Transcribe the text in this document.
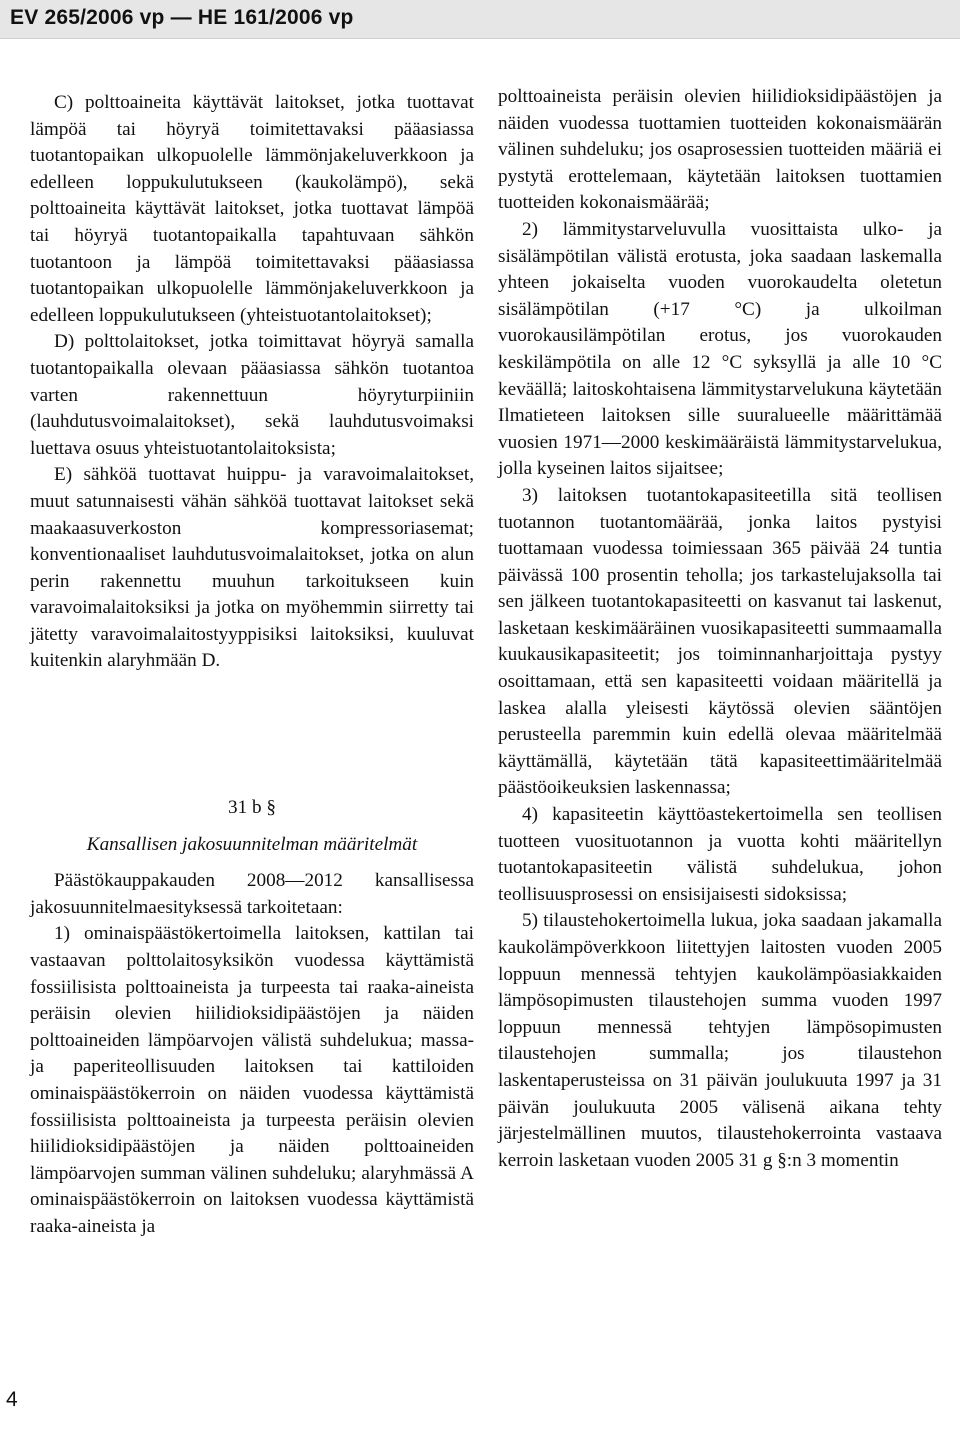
EV 265/2006 vp — HE 161/2006 vp

C) polttoaineita käyttävät laitokset, jotka tuottavat lämpöä tai höyryä toimitettavaksi pääasiassa tuotantopaikan ulkopuolelle lämmönjakeluverkkoon ja edelleen loppukulutukseen (kaukolämpö), sekä polttoaineita käyttävät laitokset, jotka tuottavat lämpöä tai höyryä tuotantopaikalla tapahtuvaan sähkön tuotantoon ja lämpöä toimitettavaksi pääasiassa tuotantopaikan ulkopuolelle lämmönjakeluverkkoon ja edelleen loppukulutukseen (yhteistuotantolaitokset);

D) polttolaitokset, jotka toimittavat höyryä samalla tuotantopaikalla olevaan pääasiassa sähkön tuotantoa varten rakennettuun höyryturpiiniin (lauhdutusvoimalaitokset), sekä lauhdutusvoimaksi luettava osuus yhteistuotantolaitoksista;

E) sähköä tuottavat huippu- ja varavoimalaitokset, muut satunnaisesti vähän sähköä tuottavat laitokset sekä maakaasuverkoston kompressoriasemat; konventionaaliset lauhdutusvoimalaitokset, jotka on alun perin rakennettu muuhun tarkoitukseen kuin varavoimalaitoksiksi ja jotka on myöhemmin siirretty tai jätetty varavoimalaitostyyppisiksi laitoksiksi, kuuluvat kuitenkin alaryhmään D.

31 b §
Kansallisen jakosuunnitelman määritelmät

Päästökauppakauden 2008—2012 kansallisessa jakosuunnitelmaesityksessä tarkoitetaan:

1) ominaispäästökertoimella laitoksen, kattilan tai vastaavan polttolaitosyksikön vuodessa käyttämistä fossiilisista polttoaineista ja turpeesta tai raaka-aineista peräisin olevien hiilidioksidipäästöjen ja näiden polttoaineiden lämpöarvojen välistä suhdelukua; massa- ja paperiteollisuuden laitoksen tai kattiloiden ominaispäästökerroin on näiden vuodessa käyttämistä fossiilisista polttoaineista ja turpeesta peräisin olevien hiilidioksidipäästöjen ja näiden polttoaineiden lämpöarvojen summan välinen suhdeluku; alaryhmässä A ominaispäästökerroin on laitoksen vuodessa käyttämistä raaka-aineista ja

polttoaineista peräisin olevien hiilidioksidipäästöjen ja näiden vuodessa tuottamien tuotteiden kokonaismäärän välinen suhdeluku; jos osaprosessien tuotteiden määriä ei pystytä erottelemaan, käytetään laitoksen tuottamien tuotteiden kokonaismäärää;

2) lämmitystarveluvulla vuosittaista ulko- ja sisälämpötilan välistä erotusta, joka saadaan laskemalla yhteen jokaiselta vuoden vuorokaudelta oletetun sisälämpötilan (+17 °C) ja ulkoilman vuorokausilämpötilan erotus, jos vuorokauden keskilämpötila on alle 12 °C syksyllä ja alle 10 °C keväällä; laitoskohtaisena lämmitystarvelukuna käytetään Ilmatieteen laitoksen sille suuralueelle määrittämää vuosien 1971—2000 keskimääräistä lämmitystarvelukua, jolla kyseinen laitos sijaitsee;

3) laitoksen tuotantokapasiteetilla sitä teollisen tuotannon tuotantomäärää, jonka laitos pystyisi tuottamaan vuodessa toimiessaan 365 päivää 24 tuntia päivässä 100 prosentin teholla; jos tarkastelujaksolla tai sen jälkeen tuotantokapasiteetti on kasvanut tai laskenut, lasketaan keskimääräinen vuosikapasiteetti summaamalla kuukausikapasiteetit; jos toiminnanharjoittaja pystyy osoittamaan, että sen kapasiteetti voidaan määritellä ja laskea alalla yleisesti käytössä olevien sääntöjen perusteella paremmin kuin edellä olevaa määritelmää käyttämällä, käytetään tätä kapasiteettimääritelmää päästöoikeuksien laskennassa;

4) kapasiteetin käyttöastekertoimella sen teollisen tuotteen vuosituotannon ja vuotta kohti määritellyn tuotantokapasiteetin välistä suhdelukua, johon teollisuusprosessi on ensisijaisesti sidoksissa;

5) tilaustehokertoimella lukua, joka saadaan jakamalla kaukolämpöverkkoon liitettyjen laitosten vuoden 2005 loppuun mennessä tehtyjen kaukolämpöasiakkaiden lämpösopimusten tilaustehojen summa vuoden 1997 loppuun mennessä tehtyjen lämpösopimusten tilaustehojen summalla; jos tilaustehon laskentaperusteissa on 31 päivän joulukuuta 1997 ja 31 päivän joulukuuta 2005 välisenä aikana tehty järjestelmällinen muutos, tilaustehokerrointa vastaava kerroin lasketaan vuoden 2005 31 g §:n 3 momentin

4
